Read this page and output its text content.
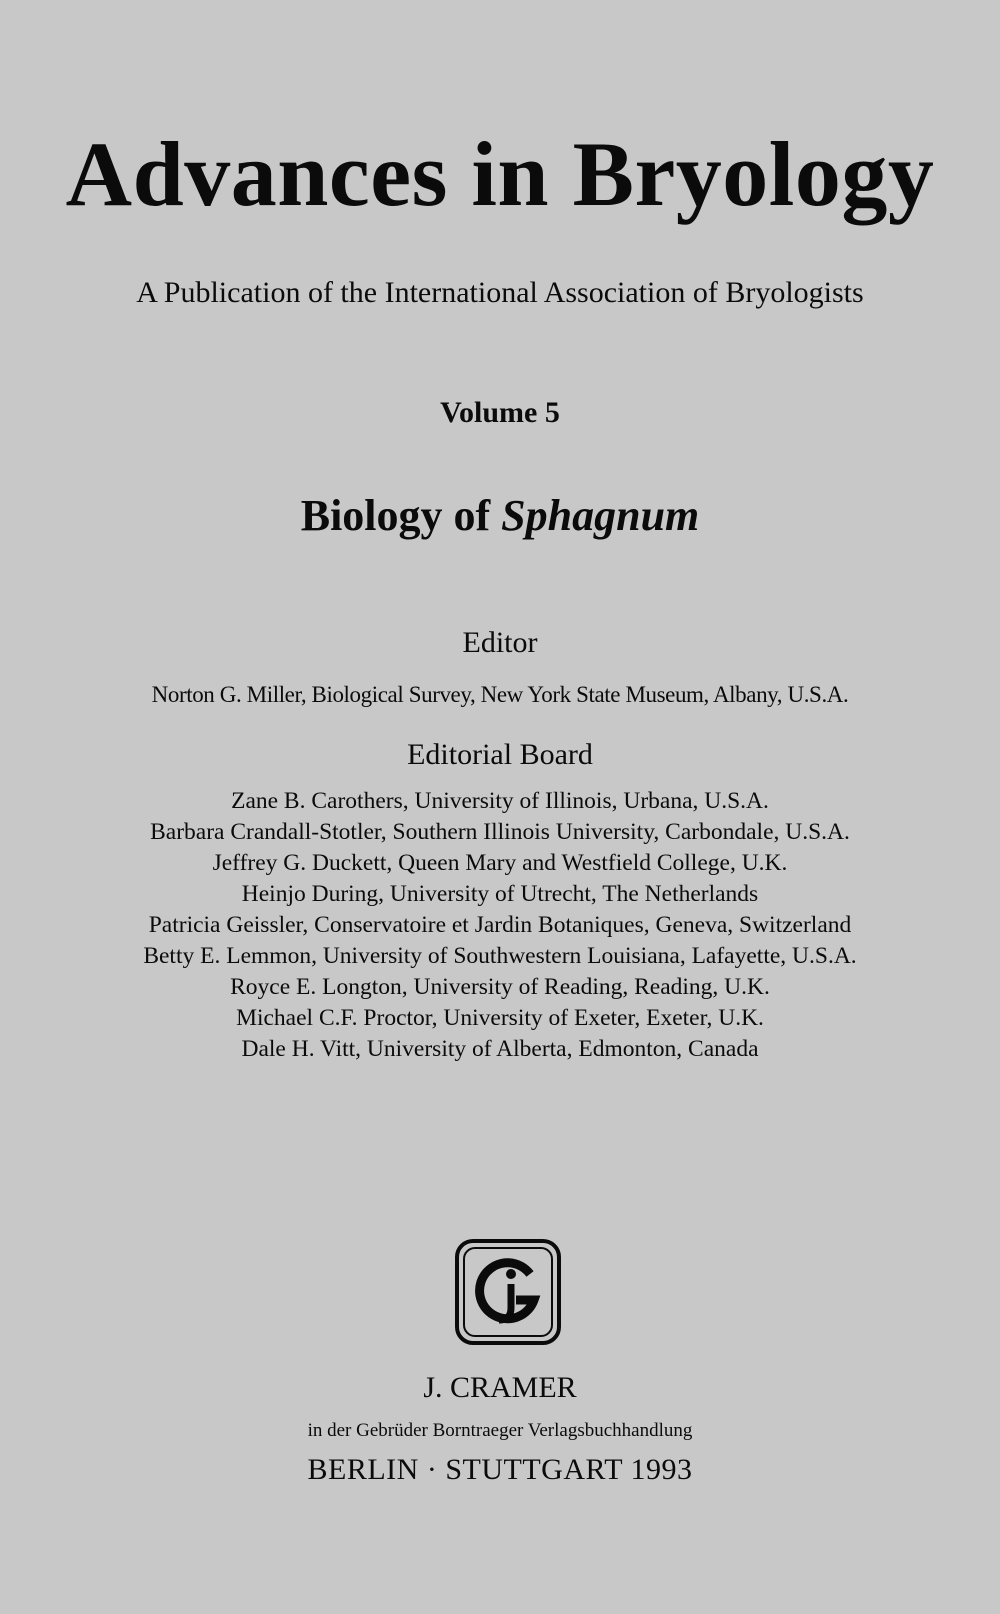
Advances in Bryology
A Publication of the International Association of Bryologists
Volume 5
Biology of Sphagnum
Editor
Norton G. Miller, Biological Survey, New York State Museum, Albany, U.S.A.
Editorial Board
Zane B. Carothers, University of Illinois, Urbana, U.S.A.
Barbara Crandall-Stotler, Southern Illinois University, Carbondale, U.S.A.
Jeffrey G. Duckett, Queen Mary and Westfield College, U.K.
Heinjo During, University of Utrecht, The Netherlands
Patricia Geissler, Conservatoire et Jardin Botaniques, Geneva, Switzerland
Betty E. Lemmon, University of Southwestern Louisiana, Lafayette, U.S.A.
Royce E. Longton, University of Reading, Reading, U.K.
Michael C.F. Proctor, University of Exeter, Exeter, U.K.
Dale H. Vitt, University of Alberta, Edmonton, Canada
J. CRAMER
in der Gebrüder Borntraeger Verlagsbuchhandlung
BERLIN · STUTTGART 1993
